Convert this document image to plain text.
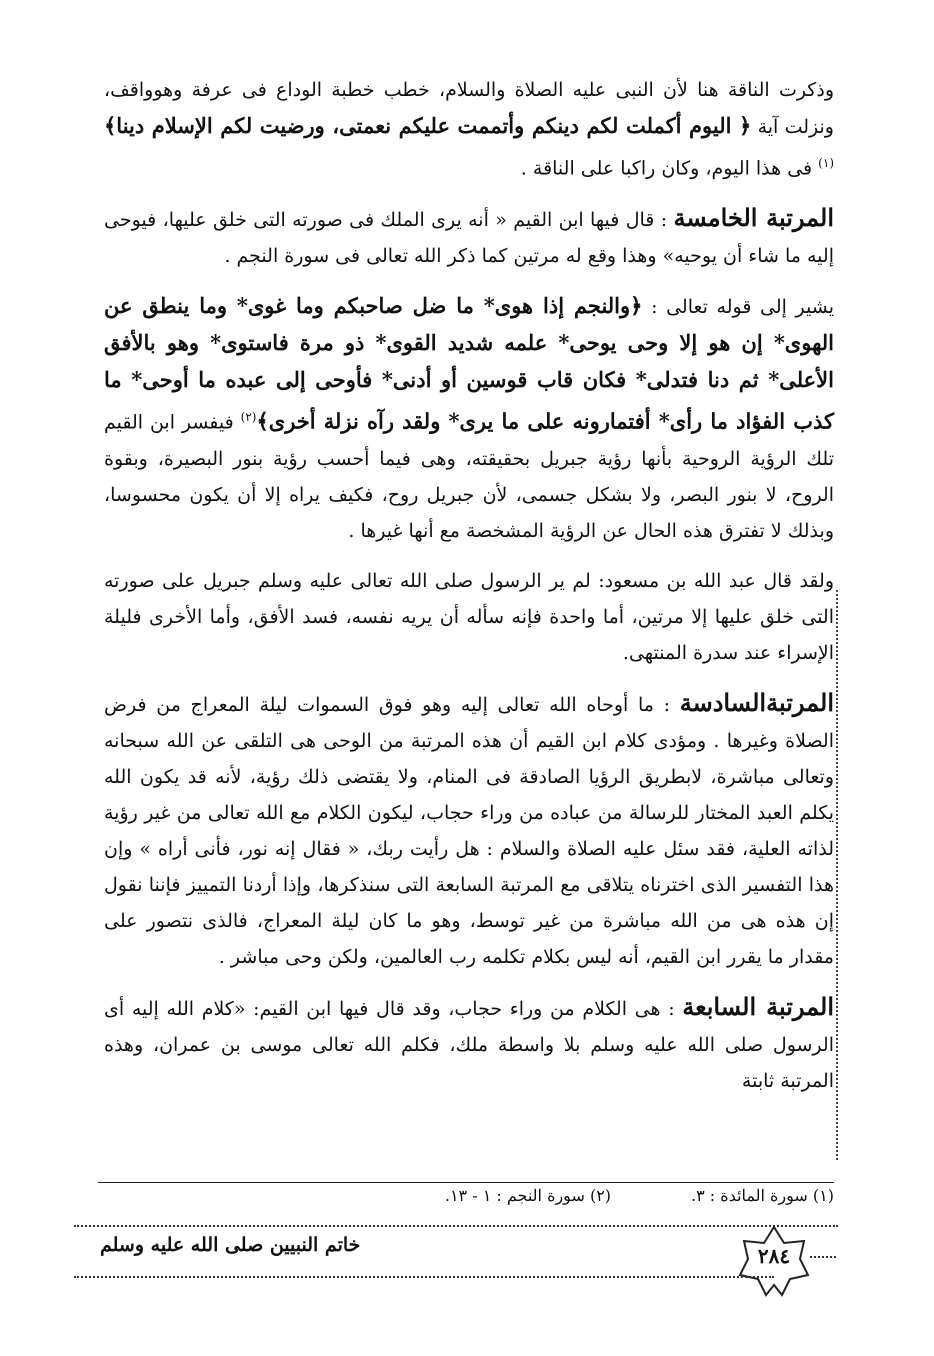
وذكرت الناقة هنا لأن النبى عليه الصلاة والسلام، خطب خطبة الوداع فى عرفة وهوواقف، ونزلت آية ﴿ اليوم أكملت لكم دينكم وأتممت عليكم نعمتى، ورضيت لكم الإسلام دينا﴾$^{(١)}$ فى هذا اليوم، وكان راكبا على الناقة .

المرتبة الخامسة : قال فيها ابن القيم « أنه يرى الملك فى صورته التى خلق عليها، فيوحى إليه ما شاء أن يوحيه» وهذا وقع له مرتين كما ذكر الله تعالى فى سورة النجم .

يشير إلى قوله تعالى : ﴿والنجم إذا هوى* ما ضل صاحبكم وما غوى* وما ينطق عن الهوى* إن هو إلا وحى يوحى* علمه شديد القوى* ذو مرة فاستوى* وهو بالأفق الأعلى* ثم دنا فتدلى* فكان قاب قوسين أو أدنى* فأوحى إلى عبده ما أوحى* ما كذب الفؤاد ما رأى* أفتمارونه على ما يرى* ولقد رآه نزلة أخرى﴾$^{(٢)}$ فيفسر ابن القيم تلك الرؤية الروحية بأنها رؤية جبريل بحقيقته، وهى فيما أحسب رؤية بنور البصيرة، وبقوة الروح، لا بنور البصر، ولا بشكل جسمى، لأن جبريل روح، فكيف يراه إلا أن يكون محسوسا، وبذلك لا تفترق هذه الحال عن الرؤية المشخصة مع أنها غيرها .

ولقد قال عبد الله بن مسعود: لم ير الرسول صلى الله تعالى عليه وسلم جبريل على صورته التى خلق عليها إلا مرتين، أما واحدة فإنه سأله أن يريه نفسه، فسد الأفق، وأما الأخرى فليلة الإسراء عند سدرة المنتهى.

المرتبةالسادسة : ما أوحاه الله تعالى إليه وهو فوق السموات ليلة المعراج من فرض الصلاة وغيرها . ومؤدى كلام ابن القيم أن هذه المرتبة من الوحى هى التلقى عن الله سبحانه وتعالى مباشرة، لابطريق الرؤيا الصادقة فى المنام، ولا يقتضى ذلك رؤية، لأنه قد يكون الله يكلم العبد المختار للرسالة من عباده من وراء حجاب، ليكون الكلام مع الله تعالى من غير رؤية لذاته العلية، فقد سئل عليه الصلاة والسلام : هل رأيت ربك، « فقال إنه نور، فأنى أراه » وإن هذا التفسير الذى اخترناه يتلاقى مع المرتبة السابعة التى سنذكرها، وإذا أردنا التمييز فإننا نقول إن هذه هى من الله مباشرة من غير توسط، وهو ما كان ليلة المعراج، فالذى نتصور على مقدار ما يقرر ابن القيم، أنه ليس بكلام تكلمه رب العالمين، ولكن وحى مباشر .

المرتبة السابعة : هى الكلام من وراء حجاب، وقد قال فيها ابن القيم: «كلام الله إليه أى الرسول صلى الله عليه وسلم بلا واسطة ملك، فكلم الله تعالى موسى بن عمران، وهذه المرتبة ثابتة

(١) سورة المائدة : ٣.
(٢) سورة النجم : ١ - ١٣.
خاتم النبيين صلى الله عليه وسلم	٢٨٤
